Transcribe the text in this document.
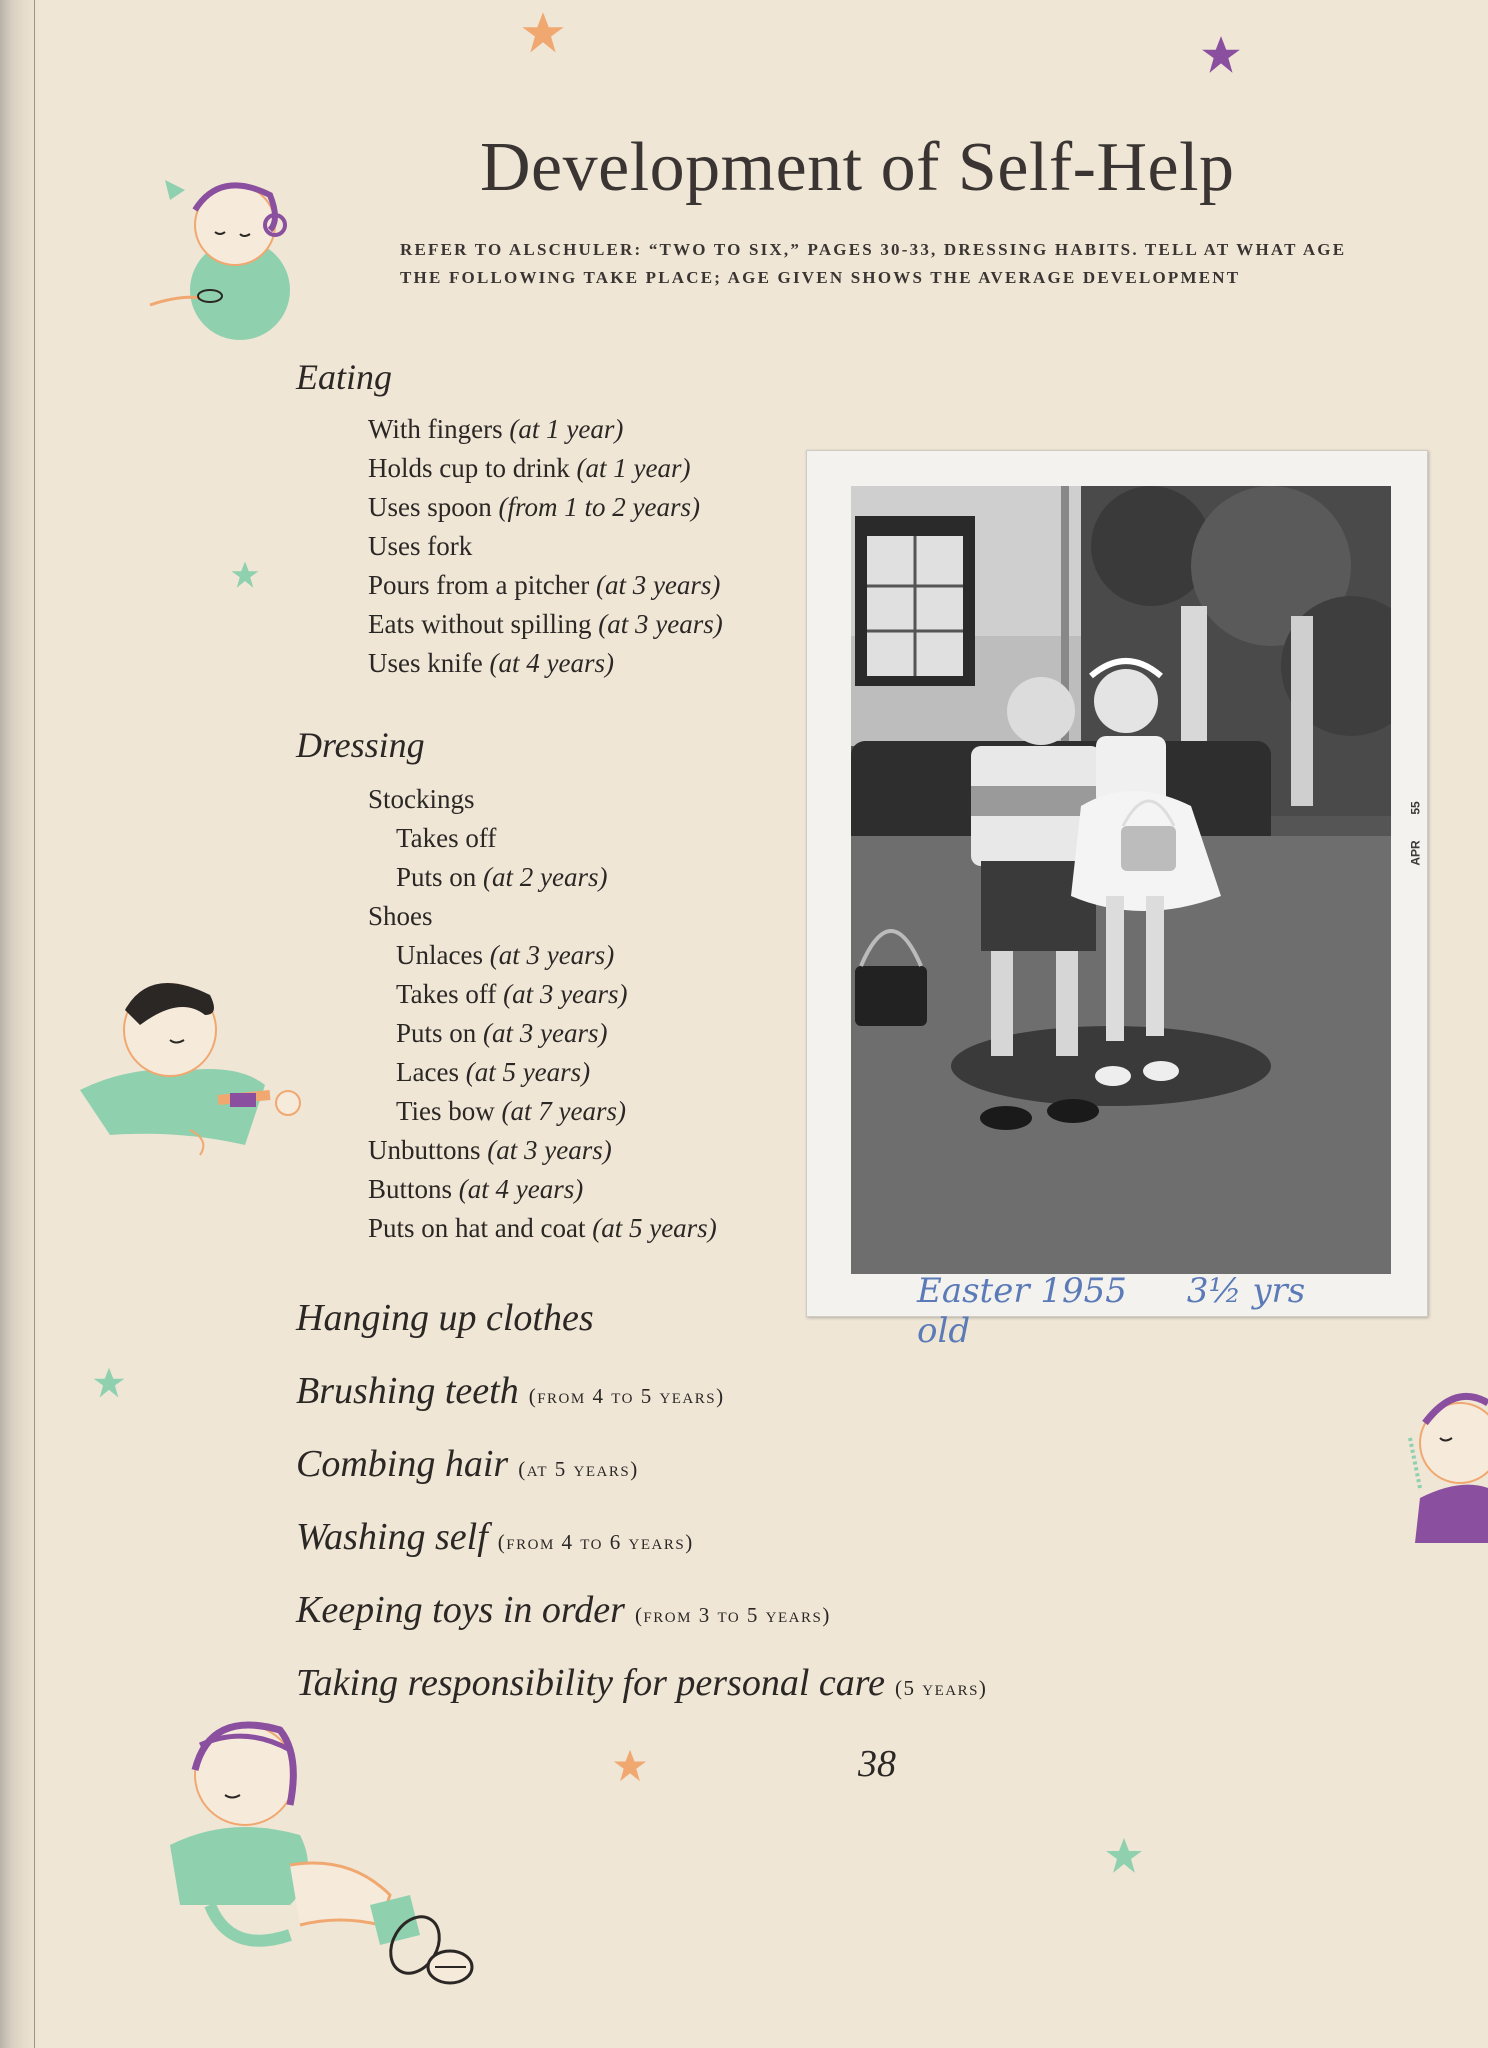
Development of Self-Help
REFER TO ALSCHULER: “TWO TO SIX,” PAGES 30-33, DRESSING HABITS. TELL AT WHAT AGE THE FOLLOWING TAKE PLACE; AGE GIVEN SHOWS THE AVERAGE DEVELOPMENT
Eating
With fingers (at 1 year)
Holds cup to drink (at 1 year)
Uses spoon (from 1 to 2 years)
Uses fork
Pours from a pitcher (at 3 years)
Eats without spilling (at 3 years)
Uses knife (at 4 years)
Dressing
Stockings
Takes off
Puts on (at 2 years)
Shoes
Unlaces (at 3 years)
Takes off (at 3 years)
Puts on (at 3 years)
Laces (at 5 years)
Ties bow (at 7 years)
Unbuttons (at 3 years)
Buttons (at 4 years)
Puts on hat and coat (at 5 years)
Hanging up clothes
Brushing teeth (from 4 to 5 years)
Combing hair (at 5 years)
Washing self (from 4 to 6 years)
Keeping toys in order (from 3 to 5 years)
Taking responsibility for personal care (5 years)
38
APR
55
Easter 1955 3½ yrs old
